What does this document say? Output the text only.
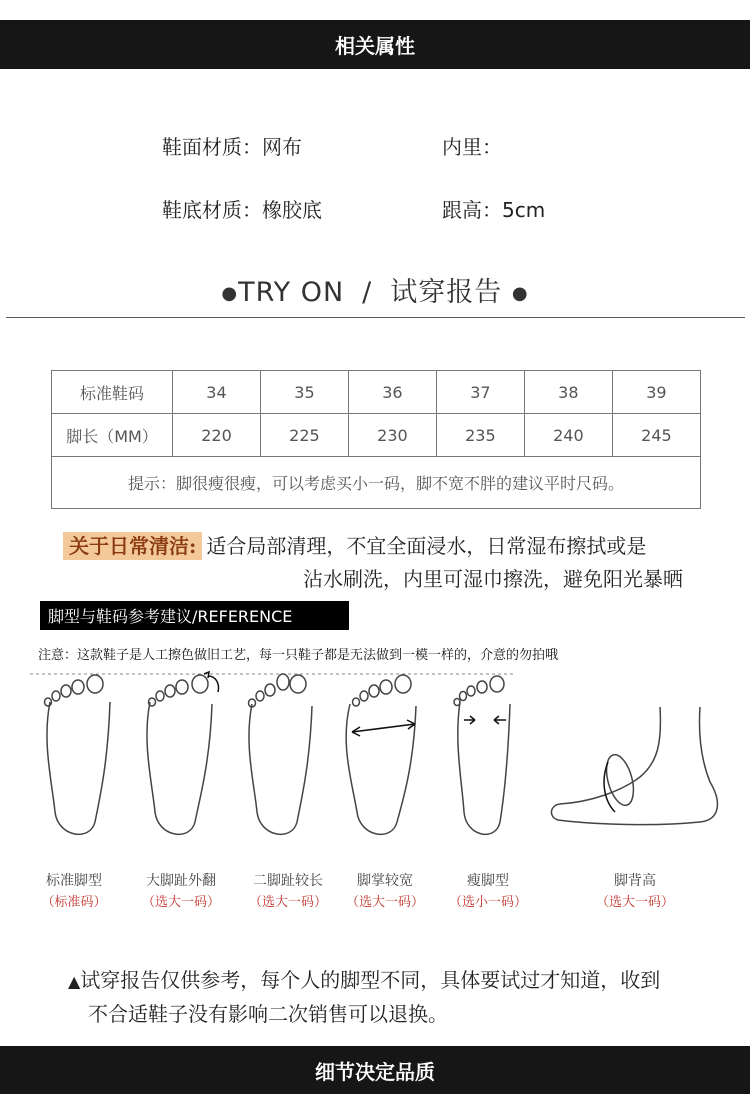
相关属性
鞋面材质：网布	内里：
鞋底材质：橡胶底	跟高：5cm
●TRY ON / 试穿报告 ●
标准鞋码	34	35	36	37	38	39
脚长（MM）	220	225	230	235	240	245
提示：脚很瘦很瘦，可以考虑买小一码，脚不宽不胖的建议平时尺码。						
关于日常清洁: 适合局部清理，不宜全面浸水，日常湿布擦拭或是
沾水刷洗，内里可湿巾擦洗，避免阳光暴晒
脚型与鞋码参考建议/REFERENCE
注意：这款鞋子是人工擦色做旧工艺，每一只鞋子都是无法做到一模一样的，介意的勿拍哦
标准脚型
（标准码）
大脚趾外翻
（选大一码）
二脚趾较长
（选大一码）
脚掌较宽
（选大一码）
瘦脚型
（选小一码）
脚背高
（选大一码）
▲试穿报告仅供参考，每个人的脚型不同，具体要试过才知道，收到
不合适鞋子没有影响二次销售可以退换。
细节决定品质
